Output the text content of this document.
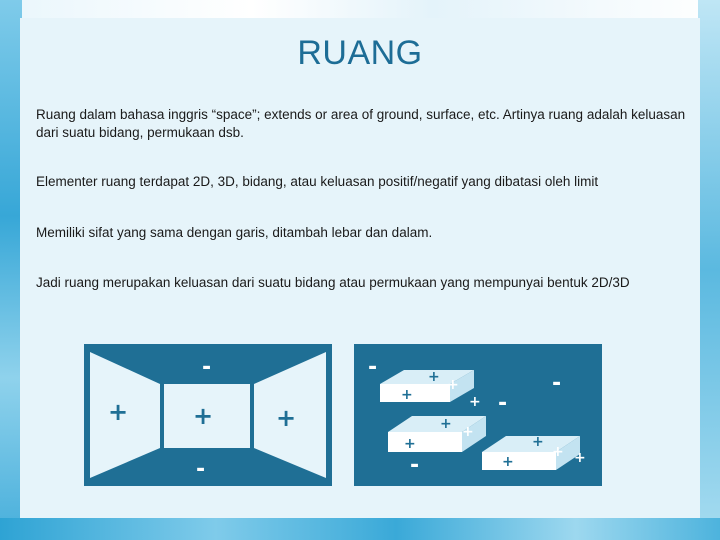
RUANG
Ruang dalam bahasa inggris “space”; extends or area of ground, surface, etc. Artinya ruang adalah keluasan dari suatu bidang, permukaan dsb.
Elementer ruang terdapat 2D, 3D, bidang, atau keluasan positif/negatif yang dibatasi oleh limit
Memiliki sifat yang sama dengan garis, ditambah lebar dan dalam.
Jadi ruang merupakan keluasan dari suatu bidang atau permukaan yang mempunyai bentuk 2D/3D
-
-
+	+	+
-
-
-
-
+
+ +
+
+ +
+
+
+
+
+
